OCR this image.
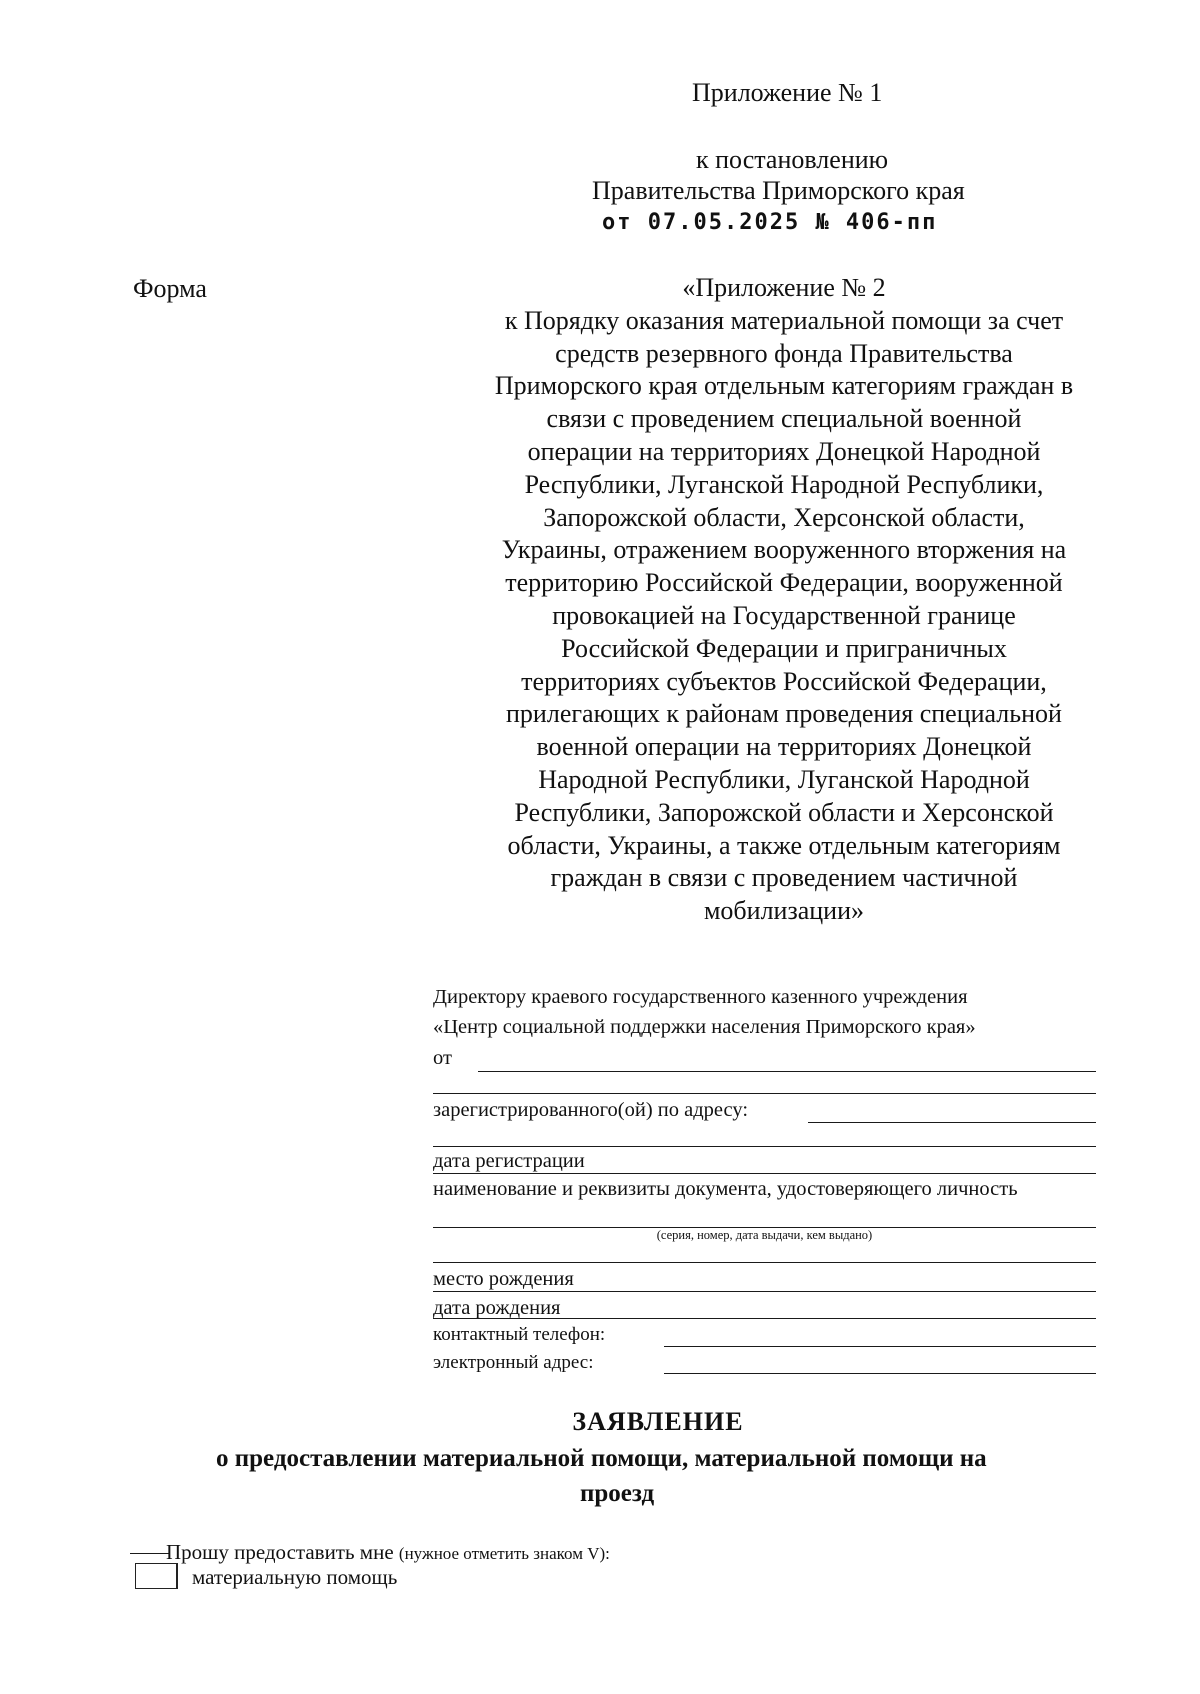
Приложение № 1
к постановлению
Правительства Приморского края
от 07.05.2025 № 406-пп
Форма	«Приложение № 2
к Порядку оказания материальной помощи за счет
средств резервного фонда Правительства
Приморского края отдельным категориям граждан в
связи с проведением специальной военной
операции на территориях Донецкой Народной
Республики, Луганской Народной Республики,
Запорожской области, Херсонской области,
Украины, отражением вооруженного вторжения на
территорию Российской Федерации, вооруженной
провокацией на Государственной границе
Российской Федерации и приграничных
территориях субъектов Российской Федерации,
прилегающих к районам проведения специальной
военной операции на территориях Донецкой
Народной Республики, Луганской Народной
Республики, Запорожской области и Херсонской
области, Украины, а также отдельным категориям
граждан в связи с проведением частичной
мобилизации»
Директору краевого государственного казенного учреждения
«Центр социальной поддержки населения Приморского края»
от
зарегистрированного(ой) по адресу:
дата регистрации
наименование и реквизиты документа, удостоверяющего личность
(серия, номер, дата выдачи, кем выдано)
место рождения
дата рождения
контактный телефон:
электронный адрес:
ЗАЯВЛЕНИЕ
о предоставлении материальной помощи, материальной помощи на
проезд
Прошу предоставить мне (нужное отметить знаком V):
материальную помощь
